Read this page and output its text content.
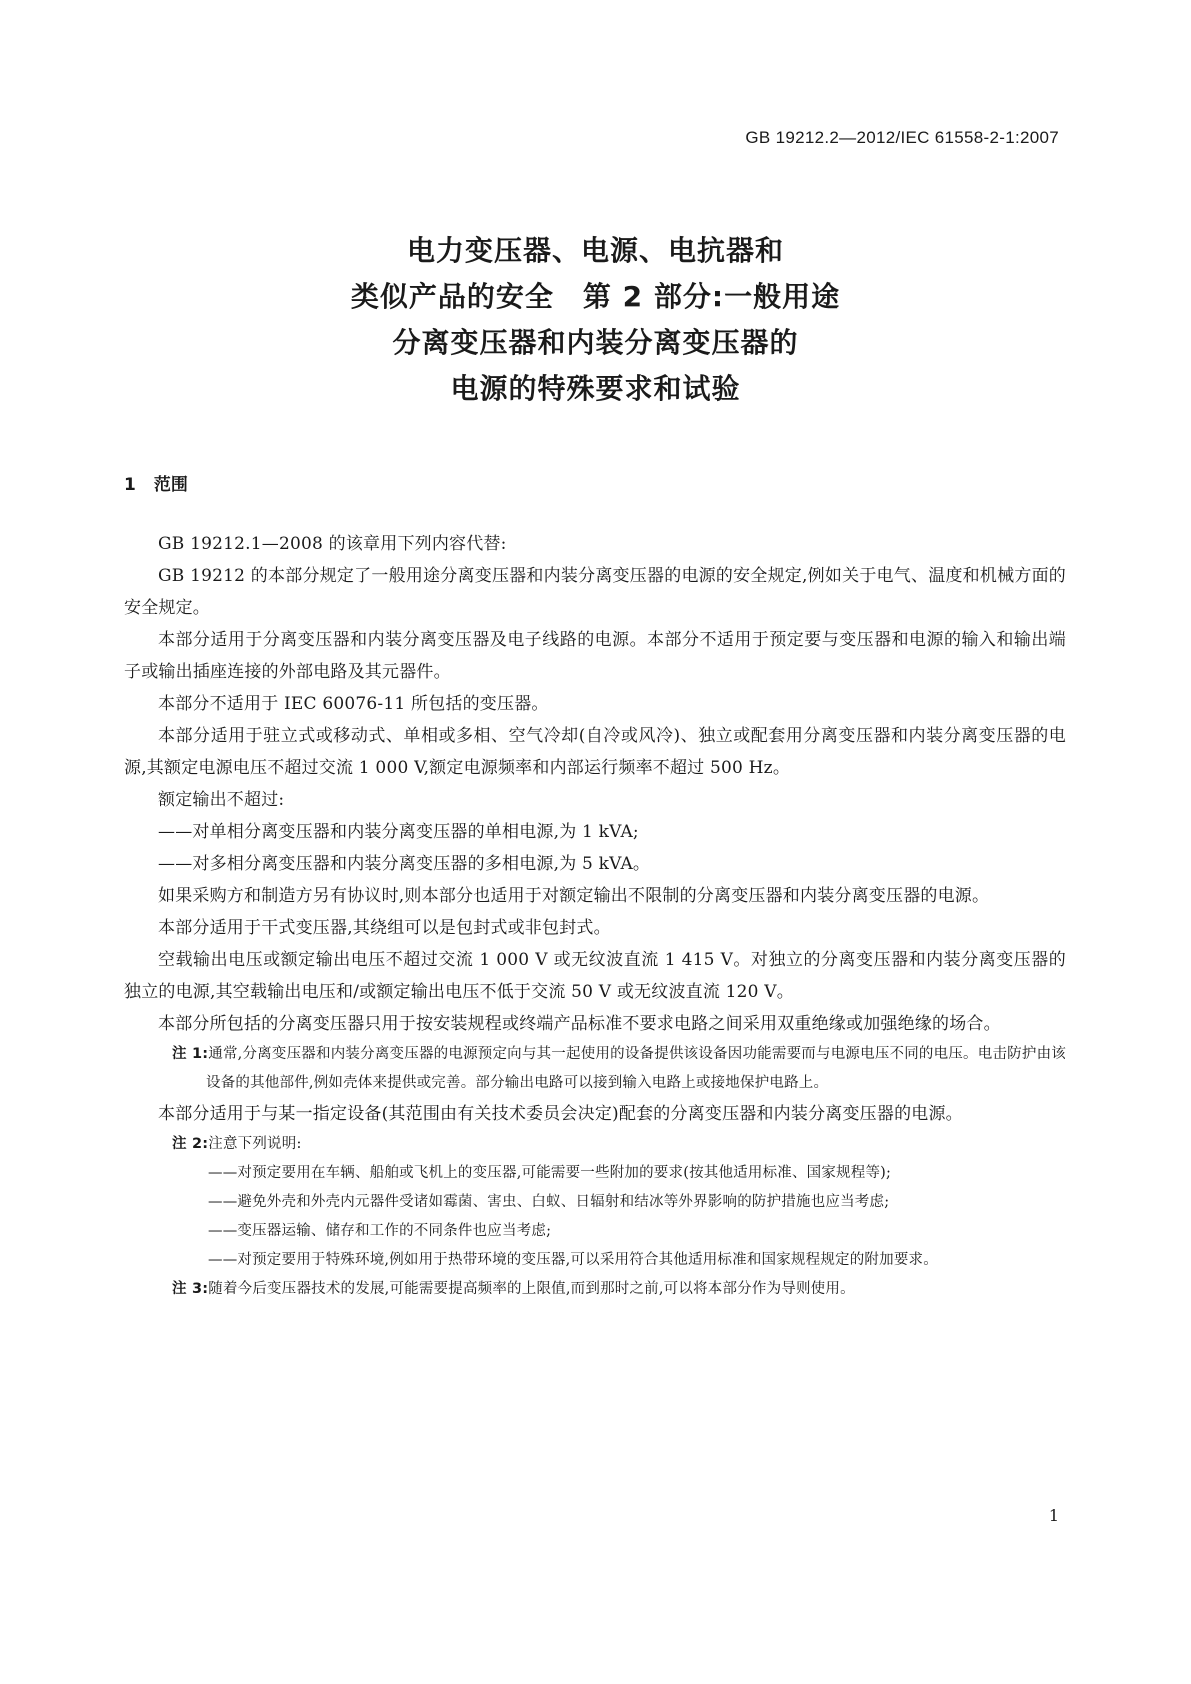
GB 19212.2—2012/IEC 61558-2-1:2007
电力变压器、电源、电抗器和
类似产品的安全　第 2 部分:一般用途
分离变压器和内装分离变压器的
电源的特殊要求和试验
1 范围

GB 19212.1—2008 的该章用下列内容代替:

GB 19212 的本部分规定了一般用途分离变压器和内装分离变压器的电源的安全规定,例如关于电气、温度和机械方面的安全规定。

本部分适用于分离变压器和内装分离变压器及电子线路的电源。本部分不适用于预定要与变压器和电源的输入和输出端子或输出插座连接的外部电路及其元器件。

本部分不适用于 IEC 60076-11 所包括的变压器。

本部分适用于驻立式或移动式、单相或多相、空气冷却(自冷或风冷)、独立或配套用分离变压器和内装分离变压器的电源,其额定电源电压不超过交流 1 000 V,额定电源频率和内部运行频率不超过 500 Hz。

额定输出不超过:

——对单相分离变压器和内装分离变压器的单相电源,为 1 kVA;

——对多相分离变压器和内装分离变压器的多相电源,为 5 kVA。

如果采购方和制造方另有协议时,则本部分也适用于对额定输出不限制的分离变压器和内装分离变压器的电源。

本部分适用于干式变压器,其绕组可以是包封式或非包封式。

空载输出电压或额定输出电压不超过交流 1 000 V 或无纹波直流 1 415 V。对独立的分离变压器和内装分离变压器的独立的电源,其空载输出电压和/或额定输出电压不低于交流 50 V 或无纹波直流 120 V。

本部分所包括的分离变压器只用于按安装规程或终端产品标准不要求电路之间采用双重绝缘或加强绝缘的场合。

注 1:通常,分离变压器和内装分离变压器的电源预定向与其一起使用的设备提供该设备因功能需要而与电源电压不同的电压。电击防护由该设备的其他部件,例如壳体来提供或完善。部分输出电路可以接到输入电路上或接地保护电路上。

本部分适用于与某一指定设备(其范围由有关技术委员会决定)配套的分离变压器和内装分离变压器的电源。

注 2:注意下列说明:
——对预定要用在车辆、船舶或飞机上的变压器,可能需要一些附加的要求(按其他适用标准、国家规程等);
——避免外壳和外壳内元器件受诸如霉菌、害虫、白蚁、日辐射和结冰等外界影响的防护措施也应当考虑;
——变压器运输、储存和工作的不同条件也应当考虑;
——对预定要用于特殊环境,例如用于热带环境的变压器,可以采用符合其他适用标准和国家规程规定的附加要求。
注 3:随着今后变压器技术的发展,可能需要提高频率的上限值,而到那时之前,可以将本部分作为导则使用。
1
